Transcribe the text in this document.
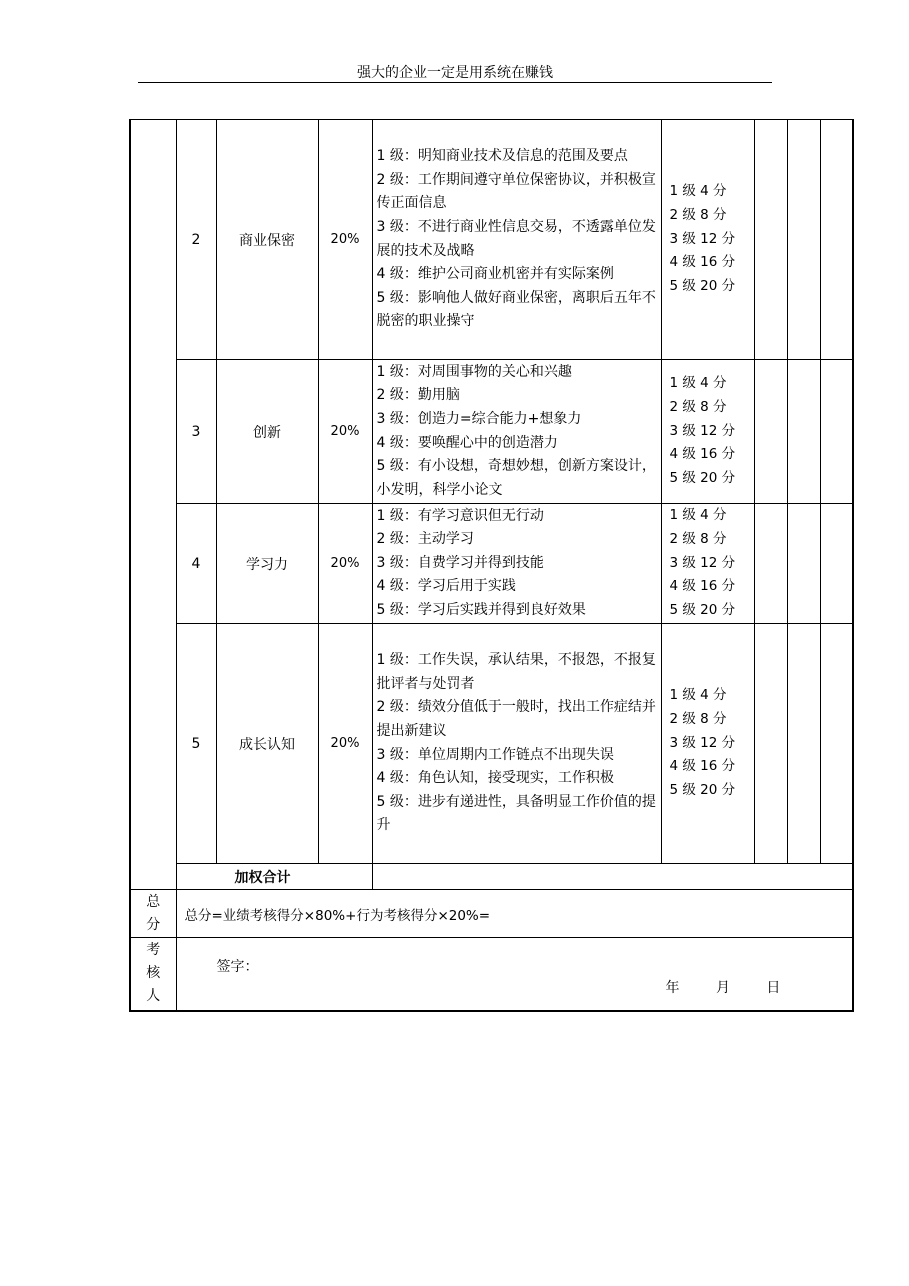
强大的企业一定是用系统在赚钱
	2	商业保密	20%	1 级：明知商业技术及信息的范围及要点
2 级：工作期间遵守单位保密协议，并积极宣传正面信息
3 级：不进行商业性信息交易，不透露单位发展的技术及战略
4 级：维护公司商业机密并有实际案例
5 级：影响他人做好商业保密，离职后五年不脱密的职业操守	1 级 4 分
2 级 8 分
3 级 12 分
4 级 16 分
5 级 20 分			

	3	创新	20%	1 级：对周围事物的关心和兴趣
2 级：勤用脑
3 级：创造力=综合能力+想象力
4 级：要唤醒心中的创造潜力
5 级：有小设想，奇想妙想，创新方案设计，小发明，科学小论文	1 级 4 分
2 级 8 分
3 级 12 分
4 级 16 分
5 级 20 分			

	4	学习力	20%	1 级：有学习意识但无行动
2 级：主动学习
3 级：自费学习并得到技能
4 级：学习后用于实践
5 级：学习后实践并得到良好效果	1 级 4 分
2 级 8 分
3 级 12 分
4 级 16 分
5 级 20 分			

	5	成长认知	20%	1 级：工作失误，承认结果，不报怨，不报复批评者与处罚者
2 级：绩效分值低于一般时，找出工作症结并提出新建议
3 级：单位周期内工作链点不出现失误
4 级：角色认知，接受现实，工作积极
5 级：进步有递进性，具备明显工作价值的提升	1 级 4 分
2 级 8 分
3 级 12 分
4 级 16 分
5 级 20 分			

	加权合计							

总
分	总分=业绩考核得分×80%+行为考核得分×20%=							

考
核
人	签字：
年 月 日							
